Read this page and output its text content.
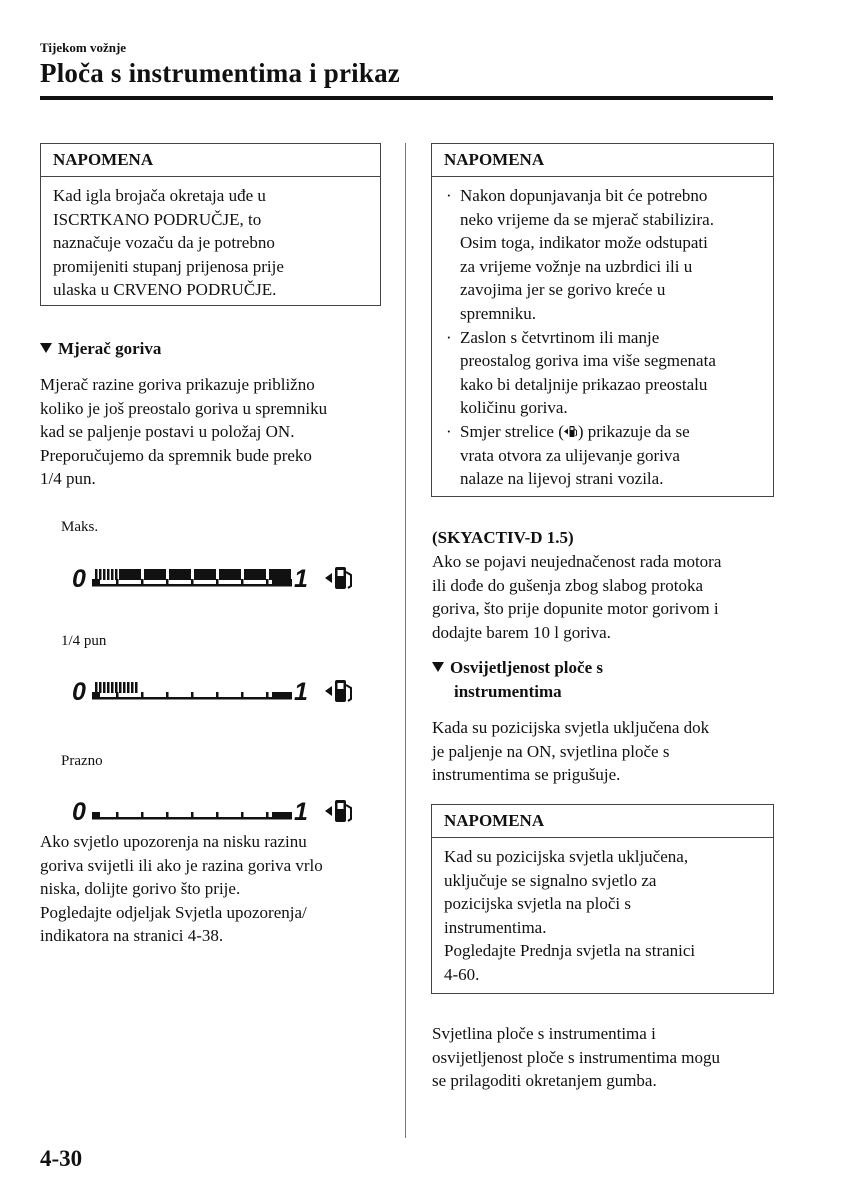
Tijekom vožnje
Ploča s instrumentima i prikaz
NAPOMENA
Kad igla brojača okretaja uđe u
ISCRTKANO PODRUČJE, to
naznačuje vozaču da je potrebno
promijeniti stupanj prijenosa prije
ulaska u CRVENO PODRUČJE.
Mjerač goriva
Mjerač razine goriva prikazuje približno
koliko je još preostalo goriva u spremniku
kad se paljenje postavi u položaj ON.
Preporučujemo da spremnik bude preko
1/4 pun.
Maks.
1/4 pun
Prazno
0	1
0	1
0	1
Ako svjetlo upozorenja na nisku razinu
goriva svijetli ili ako je razina goriva vrlo
niska, dolijte gorivo što prije.
Pogledajte odjeljak Svjetla upozorenja/
indikatora na stranici 4-38.
NAPOMENA
· Nakon dopunjavanja bit će potrebno
neko vrijeme da se mjerač stabilizira.
Osim toga, indikator može odstupati
za vrijeme vožnje na uzbrdici ili u
zavojima jer se gorivo kreće u
spremniku.
· Zaslon s četvrtinom ili manje
preostalog goriva ima više segmenata
kako bi detaljnije prikazao preostalu
količinu goriva.
· Smjer strelice ( ) prikazuje da se
vrata otvora za ulijevanje goriva
nalaze na lijevoj strani vozila.
(SKYACTIV-D 1.5)
Ako se pojavi neujednačenost rada motora
ili dođe do gušenja zbog slabog protoka
goriva, što prije dopunite motor gorivom i
dodajte barem 10 l goriva.
Osvijetljenost ploče s
instrumentima
Kada su pozicijska svjetla uključena dok
je paljenje na ON, svjetlina ploče s
instrumentima se prigušuje.
NAPOMENA
Kad su pozicijska svjetla uključena,
uključuje se signalno svjetlo za
pozicijska svjetla na ploči s
instrumentima.
Pogledajte Prednja svjetla na stranici
4-60.
Svjetlina ploče s instrumentima i
osvijetljenost ploče s instrumentima mogu
se prilagoditi okretanjem gumba.
4-30
